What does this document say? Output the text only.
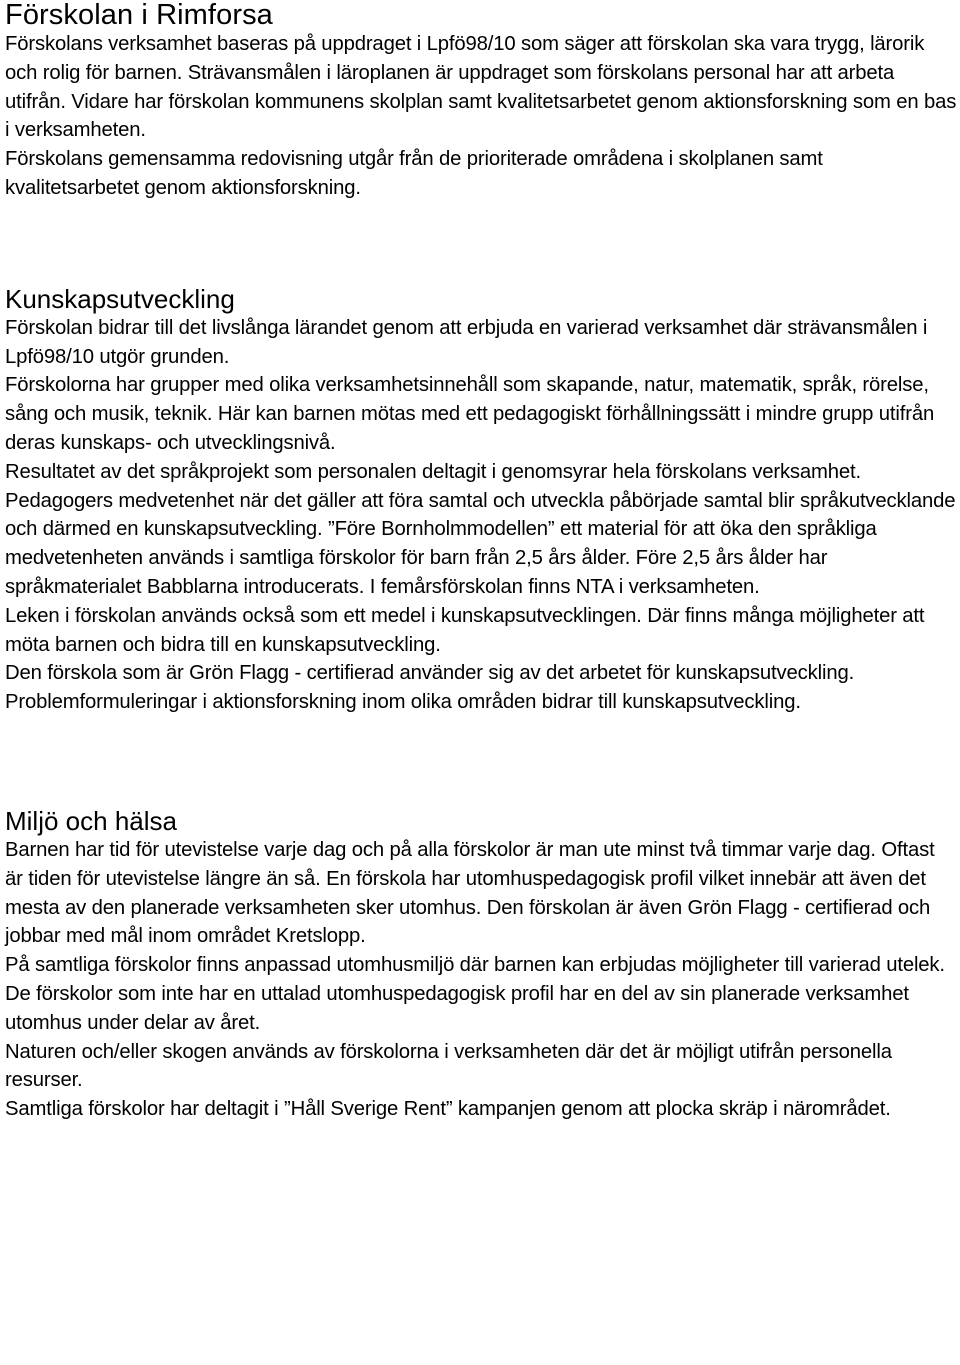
Förskolan i Rimforsa

Förskolans verksamhet baseras på uppdraget i Lpfö98/10 som säger att förskolan ska vara trygg, lärorik och rolig för barnen. Strävansmålen i läroplanen är uppdraget som förskolans personal har att arbeta utifrån. Vidare har förskolan kommunens skolplan samt kvalitetsarbetet genom aktionsforskning som en bas i verksamheten.

Förskolans gemensamma redovisning utgår från de prioriterade områdena i skolplanen samt kvalitetsarbetet genom aktionsforskning.

Kunskapsutveckling

Förskolan bidrar till det livslånga lärandet genom att erbjuda en varierad verksamhet där strävansmålen i Lpfö98/10 utgör grunden.

Förskolorna har grupper med olika verksamhetsinnehåll som skapande, natur, matematik, språk, rörelse, sång och musik, teknik. Här kan barnen mötas med ett pedagogiskt förhållningssätt i mindre grupp utifrån deras kunskaps- och utvecklingsnivå.

Resultatet av det språkprojekt som personalen deltagit i genomsyrar hela förskolans verksamhet. Pedagogers medvetenhet när det gäller att föra samtal och utveckla påbörjade samtal blir språkutvecklande och därmed en kunskapsutveckling. ”Före Bornholmmodellen” ett material för att öka den språkliga medvetenheten används i samtliga förskolor för barn från 2,5 års ålder. Före 2,5 års ålder har språkmaterialet Babblarna introducerats. I femårsförskolan finns NTA i verksamheten.

Leken i förskolan används också som ett medel i kunskapsutvecklingen. Där finns många möjligheter att möta barnen och bidra till en kunskapsutveckling.

Den förskola som är Grön Flagg - certifierad använder sig av det arbetet för kunskapsutveckling.

Problemformuleringar i aktionsforskning inom olika områden bidrar till kunskapsutveckling.

Miljö och hälsa

Barnen har tid för utevistelse varje dag och på alla förskolor är man ute minst två timmar varje dag. Oftast är tiden för utevistelse längre än så. En förskola har utomhuspedagogisk profil vilket innebär att även det mesta av den planerade verksamheten sker utomhus. Den förskolan är även Grön Flagg - certifierad och jobbar med mål inom området Kretslopp.

På samtliga förskolor finns anpassad utomhusmiljö där barnen kan erbjudas möjligheter till varierad utelek. De förskolor som inte har en uttalad utomhuspedagogisk profil har en del av sin planerade verksamhet utomhus under delar av året.

Naturen och/eller skogen används av förskolorna i verksamheten där det är möjligt utifrån personella resurser.

Samtliga förskolor har deltagit i ”Håll Sverige Rent” kampanjen genom att plocka skräp i närområdet.
